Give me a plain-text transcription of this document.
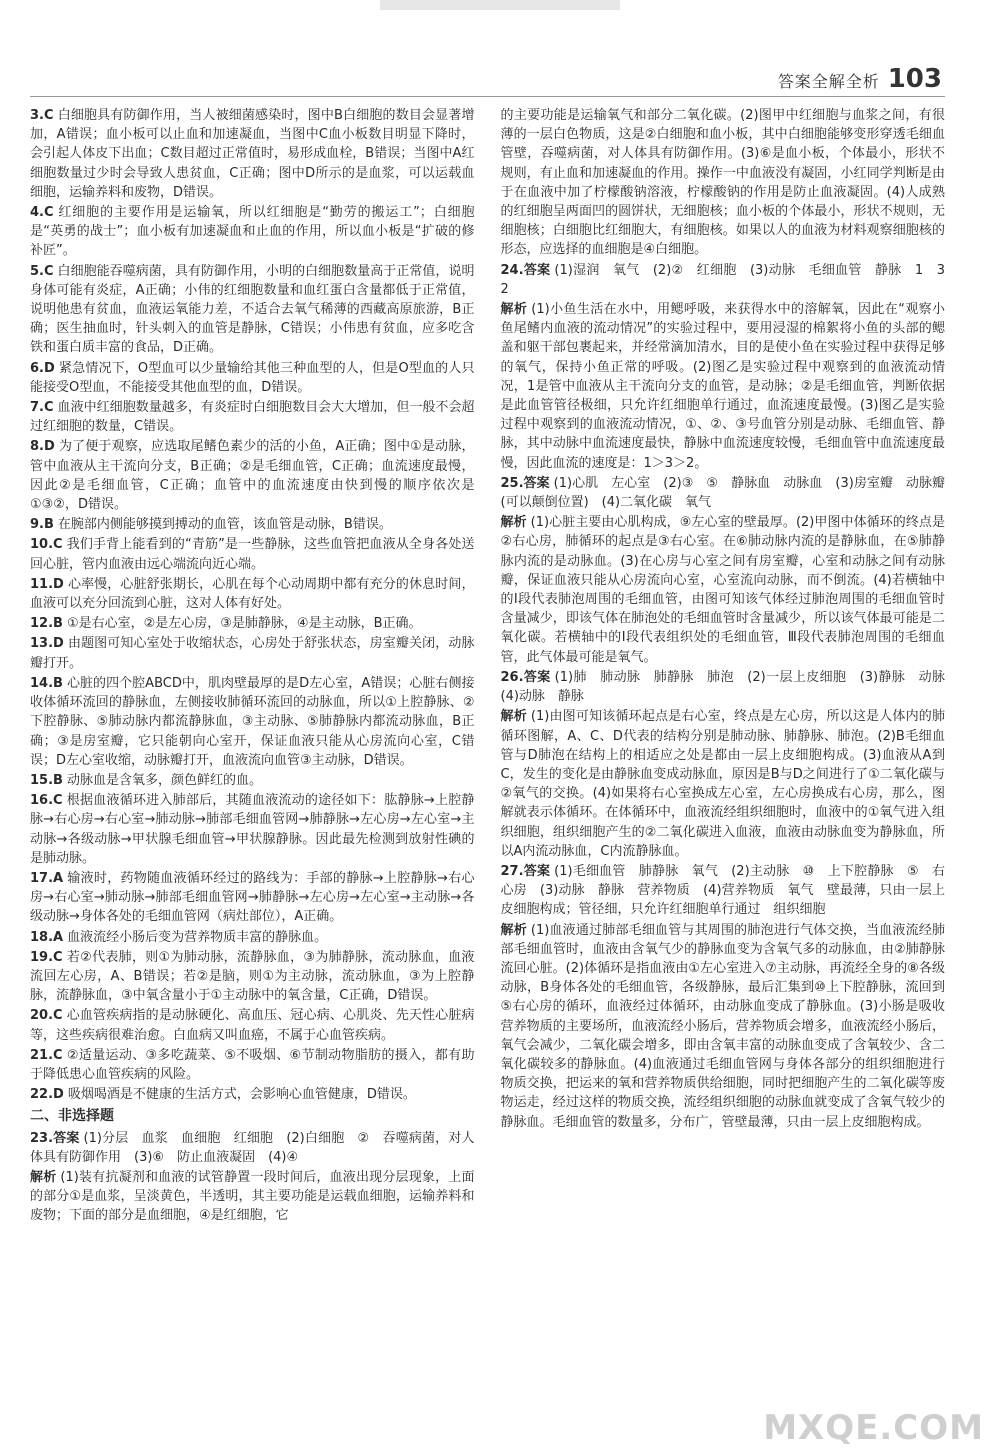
答案全解全析 103
3.C 白细胞具有防御作用，当人被细菌感染时，图中B白细胞的数目会显著增加，A错误；血小板可以止血和加速凝血，当图中C血小板数目明显下降时，会引起人体皮下出血；C数目超过正常值时，易形成血栓，B错误；当图中A红细胞数量过少时会导致人患贫血，C正确；图中D所示的是血浆，可以运载血细胞，运输养料和废物，D错误。
4.C 红细胞的主要作用是运输氧，所以红细胞是“勤劳的搬运工”；白细胞是“英勇的战士”；血小板有加速凝血和止血的作用，所以血小板是“扩破的修补匠”。
5.C 白细胞能吞噬病菌，具有防御作用，小明的白细胞数量高于正常值，说明身体可能有炎症，A正确；小伟的红细胞数量和血红蛋白含量都低于正常值，说明他患有贫血，血液运氧能力差，不适合去氧气稀薄的西藏高原旅游，B正确；医生抽血时，针头刺入的血管是静脉，C错误；小伟患有贫血，应多吃含铁和蛋白质丰富的食品，D正确。
6.D 紧急情况下，O型血可以少量输给其他三种血型的人，但是O型血的人只能接受O型血，不能接受其他血型的血，D错误。
7.C 血液中红细胞数量越多，有炎症时白细胞数目会大大增加，但一般不会超过红细胞的数量，C错误。
8.D 为了便于观察，应选取尾鳍色素少的活的小鱼，A正确；图中①是动脉，管中血液从主干流向分支，B正确；②是毛细血管，C正确；血流速度最慢，因此②是毛细血管，C正确；血管中的血流速度由快到慢的顺序依次是①③②，D错误。
9.B 在腕部内侧能够摸到搏动的血管，该血管是动脉，B错误。
10.C 我们手背上能看到的“青筋”是一些静脉，这些血管把血液从全身各处送回心脏，管内血液由远心端流向近心端。
11.D 心率慢，心脏舒张期长，心肌在每个心动周期中都有充分的休息时间，血液可以充分回流到心脏，这对人体有好处。
12.B ①是右心室，②是左心房，③是肺静脉，④是主动脉，B正确。
13.D 由题图可知心室处于收缩状态，心房处于舒张状态，房室瓣关闭，动脉瓣打开。
14.B 心脏的四个腔ABCD中，肌肉壁最厚的是D左心室，A错误；心脏右侧接收体循环流回的静脉血，左侧接收肺循环流回的动脉血，所以①上腔静脉、②下腔静脉、⑤肺动脉内都流静脉血，③主动脉、⑤肺静脉内都流动脉血，B正确；③是房室瓣，它只能朝向心室开，保证血液只能从心房流向心室，C错误；D左心室收缩，动脉瓣打开，血液流向血管③主动脉，D错误。
15.B 动脉血是含氧多，颜色鲜红的血。
16.C 根据血液循环进入肺部后，其随血液流动的途径如下：肱静脉→上腔静脉→右心房→右心室→肺动脉→肺部毛细血管网→肺静脉→左心房→左心室→主动脉→各级动脉→甲状腺毛细血管→甲状腺静脉。因此最先检测到放射性碘的是肺动脉。
17.A 输液时，药物随血液循环经过的路线为：手部的静脉→上腔静脉→右心房→右心室→肺动脉→肺部毛细血管网→肺静脉→左心房→左心室→主动脉→各级动脉→身体各处的毛细血管网（病灶部位），A正确。
18.A 血液流经小肠后变为营养物质丰富的静脉血。
19.C 若②代表肺，则①为肺动脉，流静脉血，③为肺静脉，流动脉血，血液流回左心房，A、B错误；若②是脑，则①为主动脉，流动脉血，③为上腔静脉，流静脉血，③中氧含量小于①主动脉中的氧含量，C正确，D错误。
20.C 心血管疾病指的是动脉硬化、高血压、冠心病、心肌炎、先天性心脏病等，这些疾病很难治愈。白血病又叫血癌，不属于心血管疾病。
21.C ②适量运动、③多吃蔬菜、⑤不吸烟、⑥节制动物脂肪的摄入，都有助于降低患心血管疾病的风险。
22.D 吸烟喝酒是不健康的生活方式，会影响心血管健康，D错误。
二、非选择题
23.答案 (1)分层　血浆　血细胞　红细胞　(2)白细胞　②　吞噬病菌，对人体具有防御作用　(3)⑥　防止血液凝固　(4)④
解析 (1)装有抗凝剂和血液的试管静置一段时间后，血液出现分层现象，上面的部分①是血浆，呈淡黄色，半透明，其主要功能是运载血细胞，运输养料和废物；下面的部分是血细胞，④是红细胞，它
的主要功能是运输氧气和部分二氧化碳。(2)图甲中红细胞与血浆之间，有很薄的一层白色物质，这是②白细胞和血小板，其中白细胞能够变形穿透毛细血管壁，吞噬病菌，对人体具有防御作用。(3)⑥是血小板，个体最小，形状不规则，有止血和加速凝血的作用。操作一中血液没有凝固，小红同学判断是由于在血液中加了柠檬酸钠溶液，柠檬酸钠的作用是防止血液凝固。(4)人成熟的红细胞呈两面凹的圆饼状，无细胞核；血小板的个体最小，形状不规则，无细胞核；白细胞比红细胞大，有细胞核。如果以人的血液为材料观察细胞核的形态，应选择的血细胞是④白细胞。
24.答案 (1)湿润　氧气　(2)②　红细胞　(3)动脉　毛细血管　静脉　1　3　2
解析 (1)小鱼生活在水中，用鳃呼吸，来获得水中的溶解氧，因此在“观察小鱼尾鳍内血液的流动情况”的实验过程中，要用浸湿的棉絮将小鱼的头部的鳃盖和躯干部包裹起来，并经常滴加清水，目的是使小鱼在实验过程中获得足够的氧气，保持小鱼正常的呼吸。(2)图乙是实验过程中观察到的血液流动情况，1是管中血液从主干流向分支的血管，是动脉；②是毛细血管，判断依据是此血管管径极细，只允许红细胞单行通过，血流速度最慢。(3)图乙是实验过程中观察到的血液流动情况，①、②、③号血管分别是动脉、毛细血管、静脉，其中动脉中血流速度最快，静脉中血流速度较慢，毛细血管中血流速度最慢，因此血流的速度是：1＞3＞2。
25.答案 (1)心肌　左心室　(2)③　⑤　静脉血　动脉血　(3)房室瓣　动脉瓣(可以颠倒位置)　(4)二氧化碳　氧气
解析 (1)心脏主要由心肌构成，⑨左心室的壁最厚。(2)甲图中体循环的终点是②右心房，肺循环的起点是③右心室。在⑥肺动脉内流的是静脉血，在⑤肺静脉内流的是动脉血。(3)在心房与心室之间有房室瓣，心室和动脉之间有动脉瓣，保证血液只能从心房流向心室，心室流向动脉，而不倒流。(4)若横轴中的Ⅰ段代表肺泡周围的毛细血管，由图可知该气体经过肺泡周围的毛细血管时含量减少，即该气体在肺泡处的毛细血管时含量减少，所以该气体最可能是二氧化碳。若横轴中的Ⅰ段代表组织处的毛细血管，Ⅲ段代表肺泡周围的毛细血管，此气体最可能是氧气。
26.答案 (1)肺　肺动脉　肺静脉　肺泡　(2)一层上皮细胞　(3)静脉　动脉　(4)动脉　静脉
解析 (1)由图可知该循环起点是右心室，终点是左心房，所以这是人体内的肺循环图解，A、C、D代表的结构分别是肺动脉、肺静脉、肺泡。(2)B毛细血管与D肺泡在结构上的相适应之处是都由一层上皮细胞构成。(3)血液从A到C，发生的变化是由静脉血变成动脉血，原因是B与D之间进行了①二氧化碳与②氧气的交换。(4)如果将右心室换成左心室，左心房换成右心房，那么，图解就表示体循环。在体循环中，血液流经组织细胞时，血液中的①氧气进入组织细胞，组织细胞产生的②二氧化碳进入血液，血液由动脉血变为静脉血，所以A内流动脉血，C内流静脉血。
27.答案 (1)毛细血管　肺静脉　氧气　(2)主动脉　⑩　上下腔静脉　⑤　右心房　(3)动脉　静脉　营养物质　(4)营养物质　氧气　壁最薄，只由一层上皮细胞构成；管径细，只允许红细胞单行通过　组织细胞
解析 (1)血液通过肺部毛细血管与其周围的肺泡进行气体交换，当血液流经肺部毛细血管时，血液由含氧气少的静脉血变为含氧气多的动脉血，由②肺静脉流回心脏。(2)体循环是指血液由①左心室进入⑦主动脉，再流经全身的⑧各级动脉，B身体各处的毛细血管，各级静脉，最后汇集到⑩上下腔静脉，流回到⑤右心房的循环，血液经过体循环，由动脉血变成了静脉血。(3)小肠是吸收营养物质的主要场所，血液流经小肠后，营养物质会增多，血液流经小肠后，氧气会减少，二氧化碳会增多，即由含氧丰富的动脉血变成了含氧较少、含二氧化碳较多的静脉血。(4)血液通过毛细血管网与身体各部分的组织细胞进行物质交换，把运来的氧和营养物质供给细胞，同时把细胞产生的二氧化碳等废物运走，经过这样的物质交换，流经组织细胞的动脉血就变成了含氧气较少的静脉血。毛细血管的数量多，分布广，管壁最薄，只由一层上皮细胞构成。
MXQE.COM
